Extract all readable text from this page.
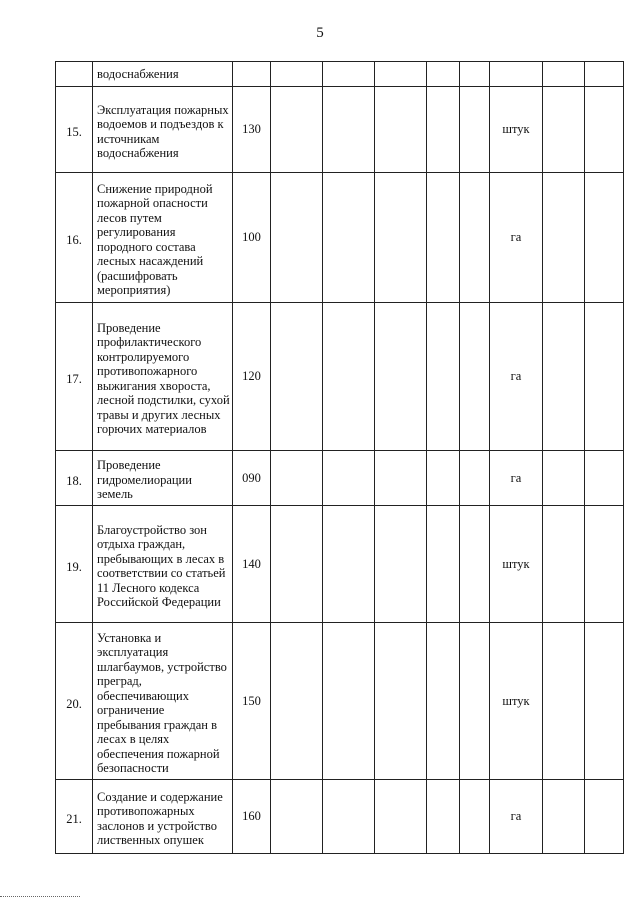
5
	водоснабжения									
15.	Эксплуатация пожарных водоемов и подъездов к источникам водоснабжения	130						штук		
16.	Снижение природной пожарной опасности лесов путем регулирования породного состава лесных насаждений (расшифровать мероприятия)	100						га		
17.	Проведение профилактического контролируемого противопожарного выжигания хвороста, лесной подстилки, сухой травы и других лесных горючих материалов	120						га		
18.	Проведение гидромелиорации земель	090						га		
19.	Благоустройство зон отдыха граждан, пребывающих в лесах в соответствии со статьей 11 Лесного кодекса Российской Федерации	140						штук		
20.	Установка и эксплуатация шлагбаумов, устройство преград, обеспечивающих ограничение пребывания граждан в лесах в целях обеспечения пожарной безопасности	150						штук		
21.	Создание и содержание противопожарных заслонов и устройство лиственных опушек	160						га		
